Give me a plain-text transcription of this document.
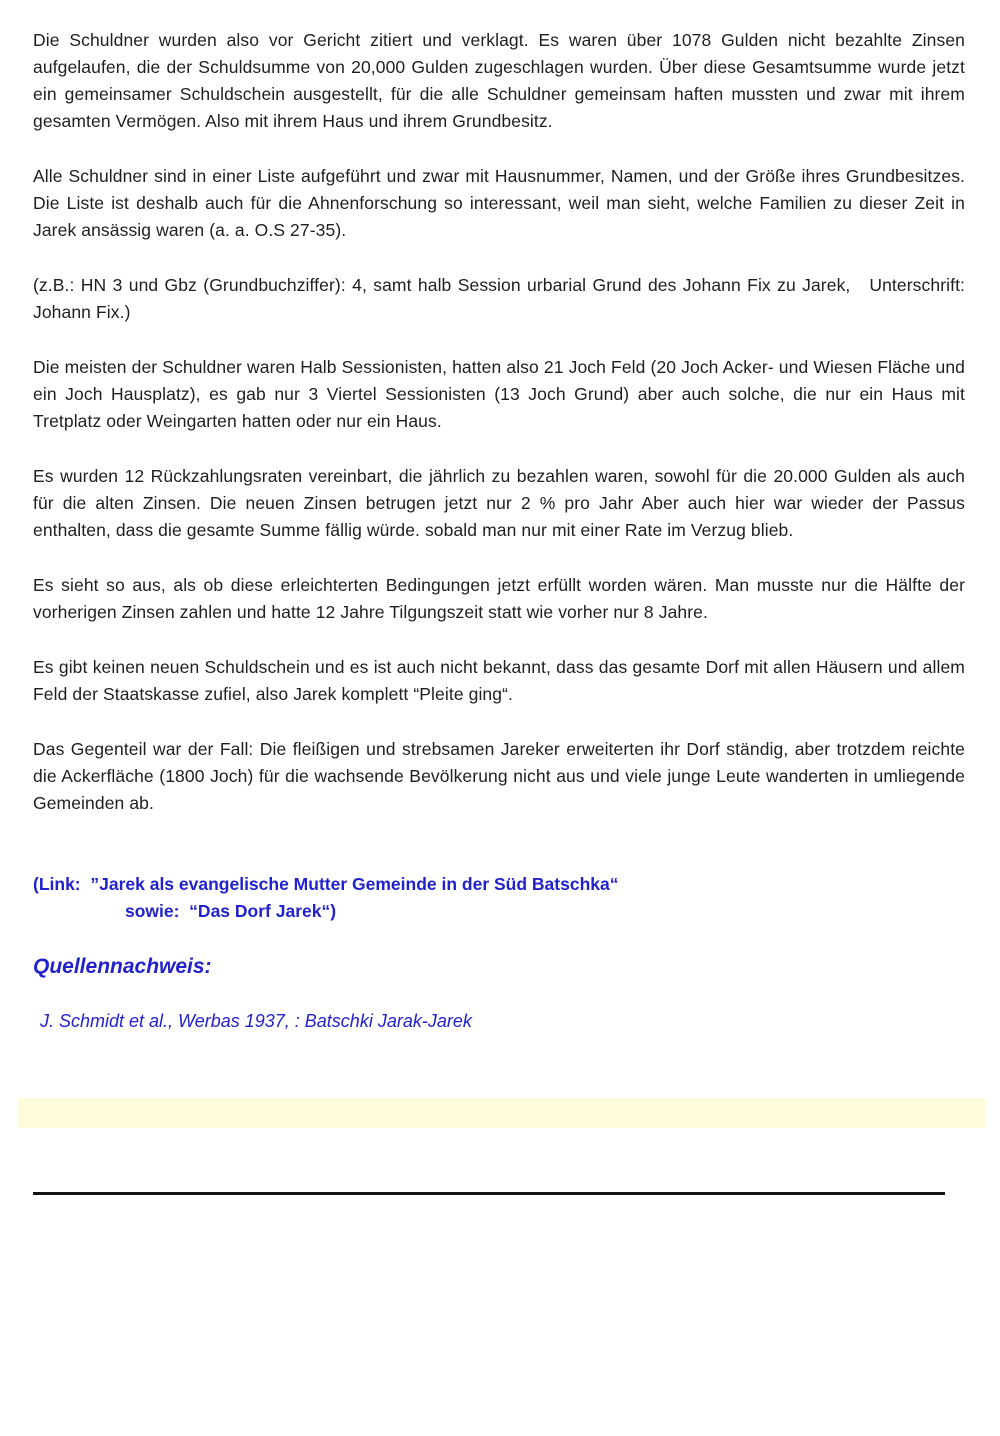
Die Schuldner wurden also vor Gericht zitiert und verklagt. Es waren über 1078 Gulden nicht bezahlte Zinsen aufgelaufen, die der Schuldsumme von 20,000 Gulden zugeschlagen wurden. Über diese Gesamtsumme wurde jetzt ein gemeinsamer Schuldschein ausgestellt, für die alle Schuldner gemeinsam haften mussten und zwar mit ihrem gesamten Vermögen. Also mit ihrem Haus und ihrem Grundbesitz.

Alle Schuldner sind in einer Liste aufgeführt und zwar mit Hausnummer, Namen, und der Größe ihres Grundbesitzes. Die Liste ist deshalb auch für die Ahnenforschung so interessant, weil man sieht, welche Familien zu dieser Zeit in Jarek ansässig waren (a. a. O.S 27-35).

(z.B.: HN 3 und Gbz (Grundbuchziffer): 4, samt halb Session urbarial Grund des Johann Fix zu Jarek,   Unterschrift: Johann Fix.)

Die meisten der Schuldner waren Halb Sessionisten, hatten also 21 Joch Feld (20 Joch Acker- und Wiesen Fläche und ein Joch Hausplatz), es gab nur 3 Viertel Sessionisten (13 Joch Grund) aber auch solche, die nur ein Haus mit Tretplatz oder Weingarten hatten oder nur ein Haus.

Es wurden 12 Rückzahlungsraten vereinbart, die jährlich zu bezahlen waren, sowohl für die 20.000 Gulden als auch für die alten Zinsen. Die neuen Zinsen betrugen jetzt nur 2 % pro Jahr Aber auch hier war wieder der Passus enthalten, dass die gesamte Summe fällig würde. sobald man nur mit einer Rate im Verzug blieb.

Es sieht so aus, als ob diese erleichterten Bedingungen jetzt erfüllt worden wären. Man musste nur die Hälfte der vorherigen Zinsen zahlen und hatte 12 Jahre Tilgungszeit statt wie vorher nur 8 Jahre.

Es gibt keinen neuen Schuldschein und es ist auch nicht bekannt, dass das gesamte Dorf mit allen Häusern und allem Feld der Staatskasse zufiel, also Jarek komplett “Pleite ging“.

Das Gegenteil war der Fall: Die fleißigen und strebsamen Jareker erweiterten ihr Dorf ständig, aber trotzdem reichte die Ackerfläche (1800 Joch) für die wachsende Bevölkerung nicht aus und viele junge Leute wanderten in umliegende Gemeinden ab.

(Link:  ”Jarek als evangelische Mutter Gemeinde in der Süd Batschka“
sowie:  “Das Dorf Jarek“)
Quellennachweis:
J. Schmidt et al., Werbas 1937, : Batschki Jarak-Jarek
